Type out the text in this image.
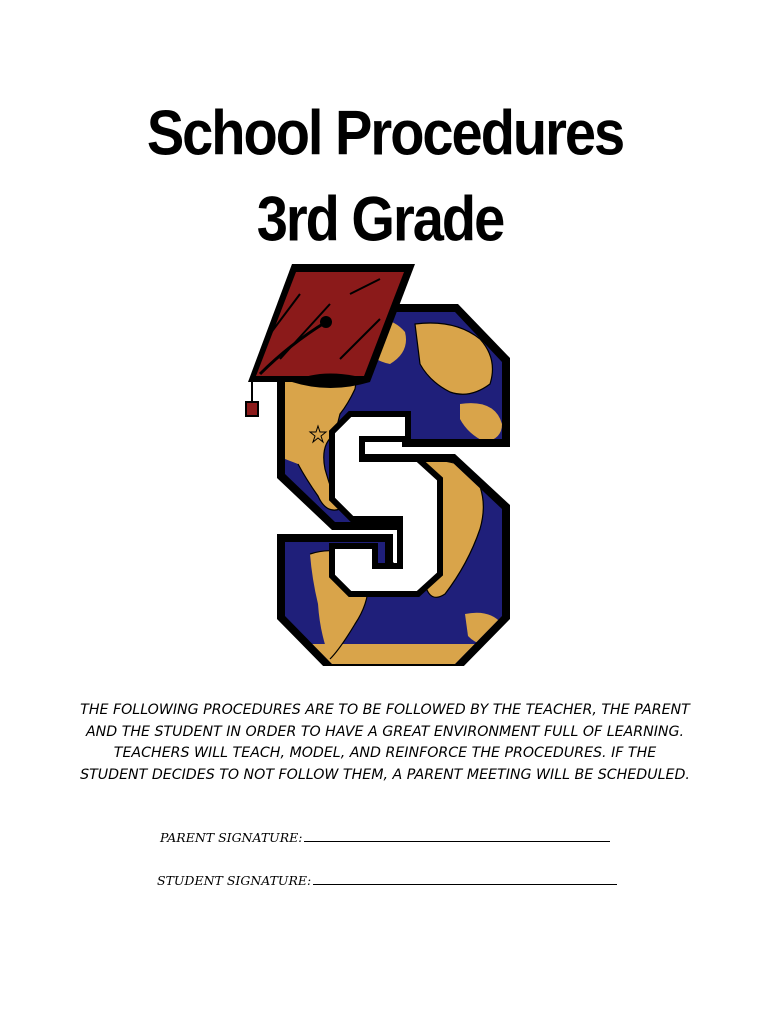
School Procedures
3rd Grade

THE FOLLOWING PROCEDURES ARE TO BE FOLLOWED BY THE TEACHER, THE PARENT AND THE STUDENT IN ORDER TO HAVE A GREAT ENVIRONMENT FULL OF LEARNING. TEACHERS WILL TEACH, MODEL, AND REINFORCE THE PROCEDURES. IF THE STUDENT DECIDES TO NOT FOLLOW THEM, A PARENT MEETING WILL BE SCHEDULED.

PARENT SIGNATURE:
STUDENT SIGNATURE:
